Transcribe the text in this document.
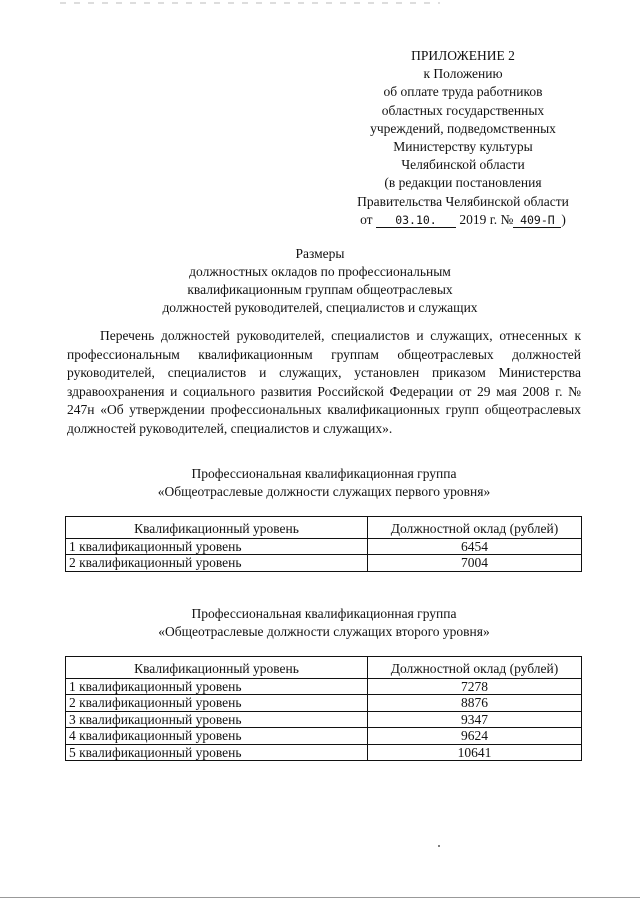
ПРИЛОЖЕНИЕ 2
к Положению
об оплате труда работников
областных государственных
учреждений, подведомственных
Министерству культуры
Челябинской области
(в редакции постановления
Правительства Челябинской области
от 03.10. 2019 г. № 409-П )
Размеры
должностных окладов по профессиональным
квалификационным группам общеотраслевых
должностей руководителей, специалистов и служащих

Перечень должностей руководителей, специалистов и служащих, отнесенных к профессиональным квалификационным группам общеотраслевых должностей руководителей, специалистов и служащих, установлен приказом Министерства здравоохранения и социального развития Российской Федерации от 29 мая 2008 г. № 247н «Об утверждении профессиональных квалификационных групп общеотраслевых должностей руководителей, специалистов и служащих».

Профессиональная квалификационная группа
«Общеотраслевые должности служащих первого уровня»
Квалификационный уровень	Должностной оклад (рублей)
1 квалификационный уровень	6454
2 квалификационный уровень	7004
Профессиональная квалификационная группа
«Общеотраслевые должности служащих второго уровня»
Квалификационный уровень	Должностной оклад (рублей)
1 квалификационный уровень	7278
2 квалификационный уровень	8876
3 квалификационный уровень	9347
4 квалификационный уровень	9624
5 квалификационный уровень	10641
